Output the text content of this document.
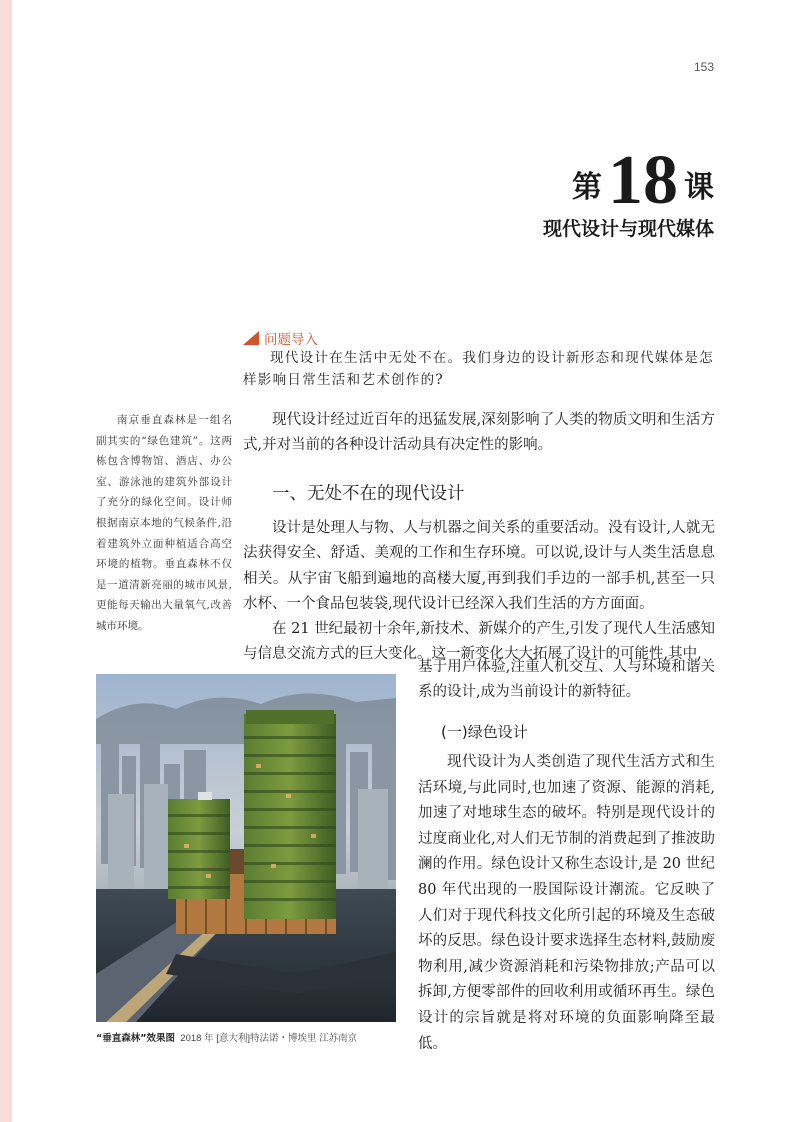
153
第18 课
现代设计与现代媒体
问题导入
现代设计在生活中无处不在。我们身边的设计新形态和现代媒体是怎样影响日常生活和艺术创作的?
南京垂直森林是一组名副其实的“绿色建筑”。这两栋包含博物馆、酒店、办公室、游泳池的建筑外部设计了充分的绿化空间。设计师根据南京本地的气候条件,沿着建筑外立面种植适合高空环境的植物。垂直森林不仅是一道清新亮丽的城市风景,更能每天输出大量氧气,改善城市环境。

现代设计经过近百年的迅猛发展,深刻影响了人类的物质文明和生活方式,并对当前的各种设计活动具有决定性的影响。

一、无处不在的现代设计

设计是处理人与物、人与机器之间关系的重要活动。没有设计,人就无法获得安全、舒适、美观的工作和生存环境。可以说,设计与人类生活息息相关。从宇宙飞船到遍地的高楼大厦,再到我们手边的一部手机,甚至一只水杯、一个食品包装袋,现代设计已经深入我们生活的方方面面。

在 21 世纪最初十余年,新技术、新媒介的产生,引发了现代人生活感知与信息交流方式的巨大变化。这一新变化大大拓展了设计的可能性,其中,

基于用户体验,注重人机交互、人与环境和谐关系的设计,成为当前设计的新特征。

(一)绿色设计

现代设计为人类创造了现代生活方式和生活环境,与此同时,也加速了资源、能源的消耗,加速了对地球生态的破坏。特别是现代设计的过度商业化,对人们无节制的消费起到了推波助澜的作用。绿色设计又称生态设计,是 20 世纪 80 年代出现的一股国际设计潮流。它反映了人们对于现代科技文化所引起的环境及生态破坏的反思。绿色设计要求选择生态材料,鼓励废物利用,减少资源消耗和污染物排放;产品可以拆卸,方便零部件的回收利用或循环再生。绿色设计的宗旨就是将对环境的负面影响降至最低。

“垂直森林”效果图 2018 年 [意大利]特法诺・博埃里 江苏南京
